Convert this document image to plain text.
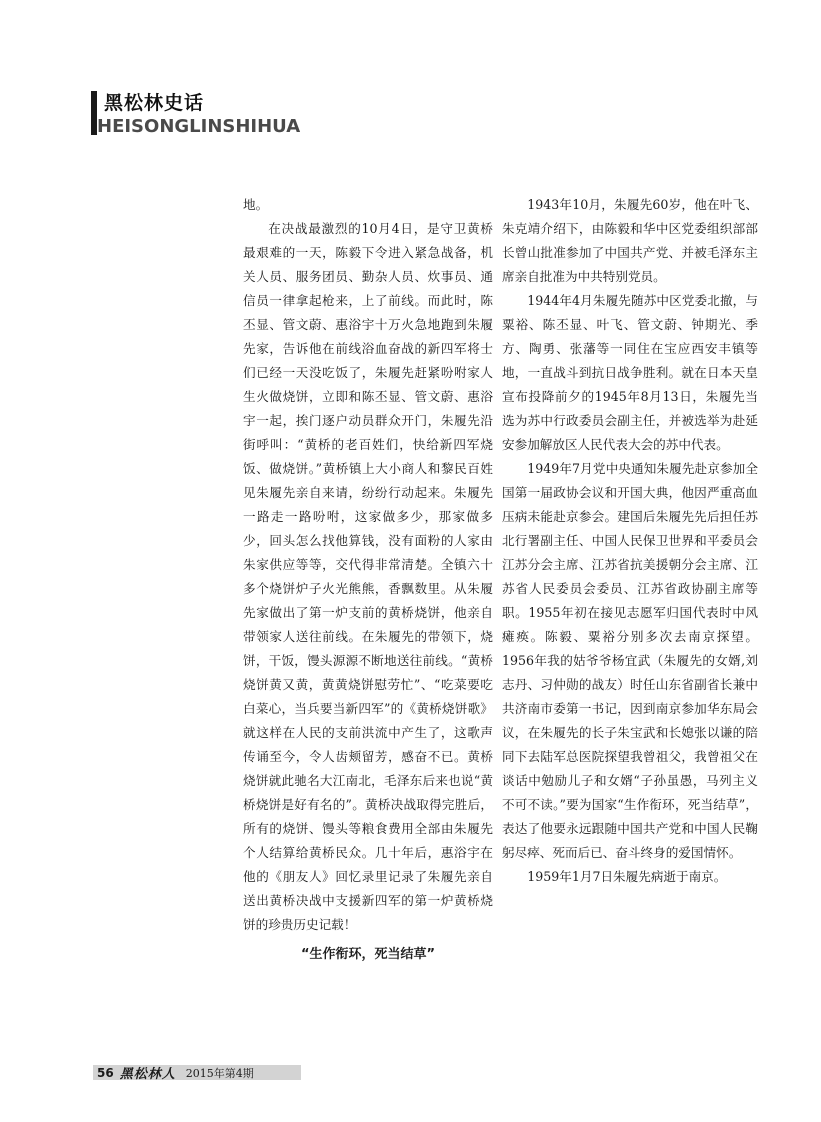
黑松林史话
HEISONGLINSHIHUA

地。

在决战最激烈的10月4日，是守卫黄桥最艰难的一天，陈毅下令进入紧急战备，机关人员、服务团员、勤杂人员、炊事员、通信员一律拿起枪来，上了前线。而此时，陈丕显、管文蔚、惠浴宇十万火急地跑到朱履先家，告诉他在前线浴血奋战的新四军将士们已经一天没吃饭了，朱履先赶紧吩咐家人生火做烧饼，立即和陈丕显、管文蔚、惠浴宇一起，挨门逐户动员群众开门，朱履先沿街呼叫：“黄桥的老百姓们，快给新四军烧饭、做烧饼。”黄桥镇上大小商人和黎民百姓见朱履先亲自来请，纷纷行动起来。朱履先一路走一路吩咐，这家做多少，那家做多少，回头怎么找他算钱，没有面粉的人家由朱家供应等等，交代得非常清楚。全镇六十多个烧饼炉子火光熊熊，香飘数里。从朱履先家做出了第一炉支前的黄桥烧饼，他亲自带领家人送往前线。在朱履先的带领下，烧饼，干饭，馒头源源不断地送往前线。“黄桥烧饼黄又黄，黄黄烧饼慰劳忙”、“吃菜要吃白菜心，当兵要当新四军”的《黄桥烧饼歌》就这样在人民的支前洪流中产生了，这歌声传诵至今，令人齿颊留芳，感奋不已。黄桥烧饼就此驰名大江南北，毛泽东后来也说“黄桥烧饼是好有名的”。黄桥决战取得完胜后，所有的烧饼、馒头等粮食费用全部由朱履先个人结算给黄桥民众。几十年后，惠浴宇在他的《朋友人》回忆录里记录了朱履先亲自送出黄桥决战中支援新四军的第一炉黄桥烧饼的珍贵历史记载！

“生作衔环，死当结草”

1943年10月，朱履先60岁，他在叶飞、朱克靖介绍下，由陈毅和华中区党委组织部部长曾山批准参加了中国共产党、并被毛泽东主席亲自批准为中共特别党员。

1944年4月朱履先随苏中区党委北撤，与粟裕、陈丕显、叶飞、管文蔚、钟期光、季方、陶勇、张藩等一同住在宝应西安丰镇等地，一直战斗到抗日战争胜利。就在日本天皇宣布投降前夕的1945年8月13日，朱履先当选为苏中行政委员会副主任，并被选举为赴延安参加解放区人民代表大会的苏中代表。

1949年7月党中央通知朱履先赴京参加全国第一届政协会议和开国大典，他因严重高血压病未能赴京参会。建国后朱履先先后担任苏北行署副主任、中国人民保卫世界和平委员会江苏分会主席、江苏省抗美援朝分会主席、江苏省人民委员会委员、江苏省政协副主席等职。1955年初在接见志愿军归国代表时中风瘫痪。陈毅、粟裕分别多次去南京探望。1956年我的姑爷爷杨宜武（朱履先的女婿,刘志丹、习仲勋的战友）时任山东省副省长兼中共济南市委第一书记，因到南京参加华东局会议，在朱履先的长子朱宝武和长媳张以谦的陪同下去陆军总医院探望我曾祖父，我曾祖父在谈话中勉励儿子和女婿“子孙虽愚，马列主义不可不读。”要为国家“生作衔环，死当结草”，表达了他要永远跟随中国共产党和中国人民鞠躬尽瘁、死而后已、奋斗终身的爱国情怀。

1959年1月7日朱履先病逝于南京。

56 黑松林人 2015年第4期
